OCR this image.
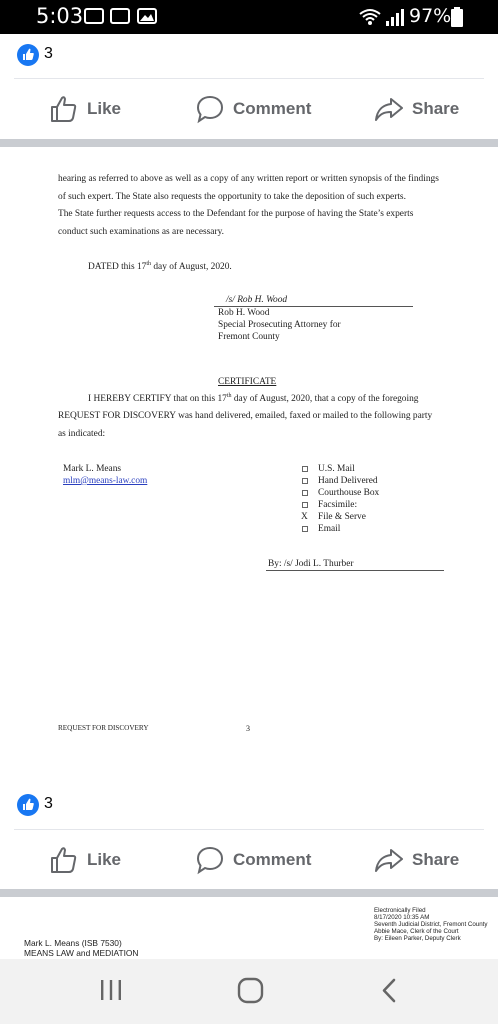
5:03	97%
3
Like	Comment	Share
hearing as referred to above as well as a copy of any written report or written synopsis of the findings
of such expert. The State also requests the opportunity to take the deposition of such experts.
The State further requests access to the Defendant for the purpose of having the State’s experts
conduct such examinations as are necessary.
DATED this 17th day of August, 2020.
/s/ Rob H. Wood
Rob H. Wood
Special Prosecuting Attorney for
Fremont County
CERTIFICATE
I HEREBY CERTIFY that on this 17th day of August, 2020, that a copy of the foregoing
REQUEST FOR DISCOVERY was hand delivered, emailed, faxed or mailed to the following party
as indicated:
Mark L. Means
mlm@means-law.com
U.S. Mail
Hand Delivered
Courthouse Box
Facsimile:
X File & Serve
Email
By: /s/ Jodi L. Thurber
REQUEST FOR DISCOVERY	3
3
Like	Comment	Share
Electronically Filed
8/17/2020 10:35 AM
Seventh Judicial District, Fremont County
Abbie Mace, Clerk of the Court
By: Eileen Parker, Deputy Clerk
Mark L. Means (ISB 7530)
MEANS LAW and MEDIATION
